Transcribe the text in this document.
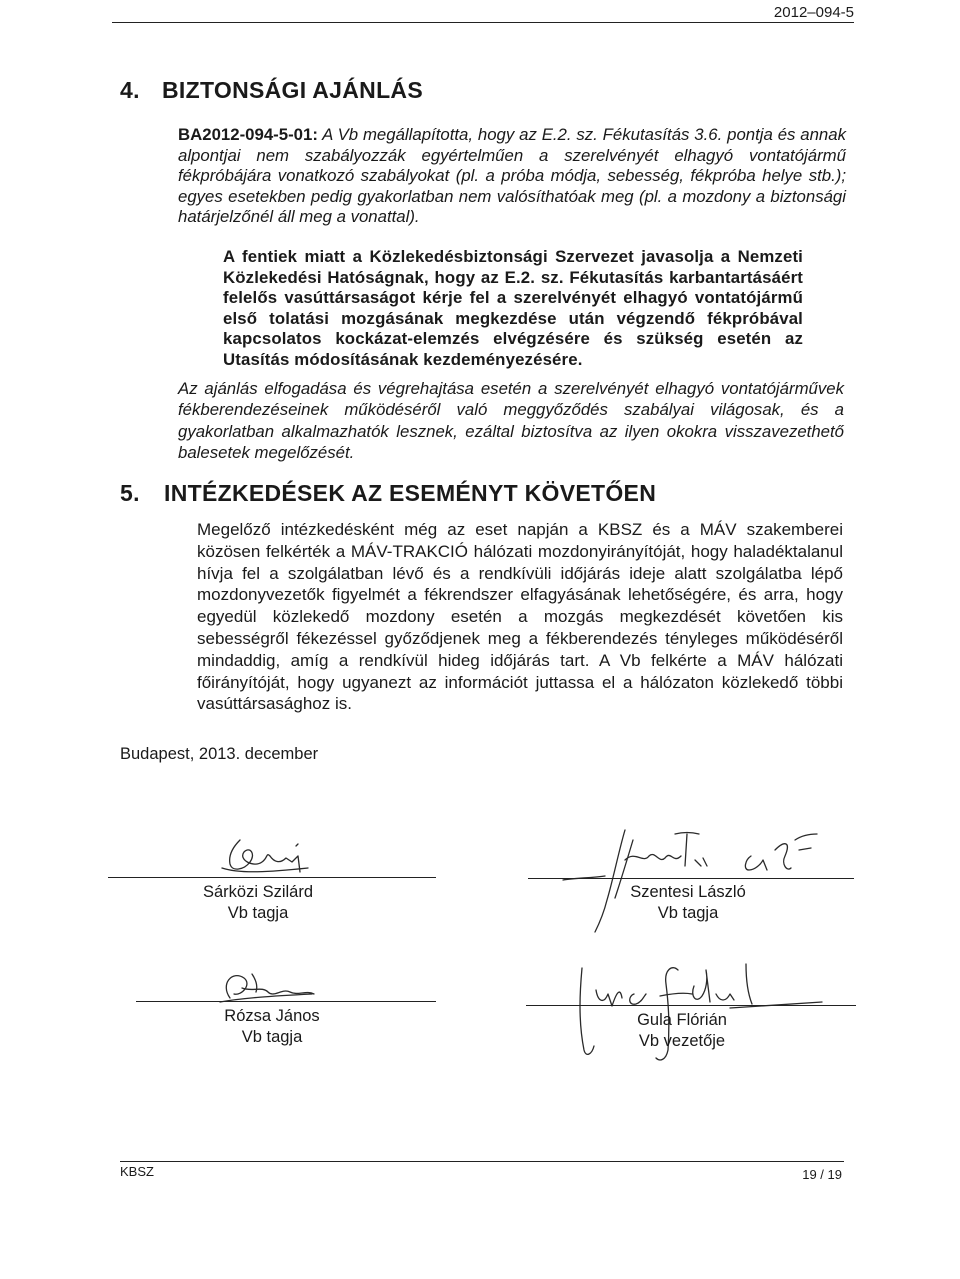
2012–094-5
4. BIZTONSÁGI AJÁNLÁS
BA2012-094-5-01: A Vb megállapította, hogy az E.2. sz. Fékutasítás 3.6. pontja és annak alpontjai nem szabályozzák egyértelműen a szerelvényét elhagyó vontatójármű fékpróbájára vonatkozó szabályokat (pl. a próba módja, sebesség, fékpróba helye stb.); egyes esetekben pedig gyakorlatban nem valósíthatóak meg (pl. a mozdony a biztonsági határjelzőnél áll meg a vonattal).
A fentiek miatt a Közlekedésbiztonsági Szervezet javasolja a Nemzeti Közlekedési Hatóságnak, hogy az E.2. sz. Fékutasítás karbantartásáért felelős vasúttársaságot kérje fel a szerelvényét elhagyó vontatójármű első tolatási mozgásának megkezdése után végzendő fékpróbával kapcsolatos kockázat-elemzés elvégzésére és szükség esetén az Utasítás módosításának kezdeményezésére.
Az ajánlás elfogadása és végrehajtása esetén a szerelvényét elhagyó vontatójárművek fékberendezéseinek működéséről való meggyőződés szabályai világosak, és a gyakorlatban alkalmazhatók lesznek, ezáltal biztosítva az ilyen okokra visszavezethető balesetek megelőzését.
5. INTÉZKEDÉSEK AZ ESEMÉNYT KÖVETŐEN
Megelőző intézkedésként még az eset napján a KBSZ és a MÁV szakemberei közösen felkérték a MÁV-TRAKCIÓ hálózati mozdonyirányítóját, hogy haladéktalanul hívja fel a szolgálatban lévő és a rendkívüli időjárás ideje alatt szolgálatba lépő mozdonyvezetők figyelmét a fékrendszer elfagyásának lehetőségére, és arra, hogy egyedül közlekedő mozdony esetén a mozgás megkezdését követően kis sebességről fékezéssel győződjenek meg a fékberendezés tényleges működéséről mindaddig, amíg a rendkívül hideg időjárás tart. A Vb felkérte a MÁV hálózati főirányítóját, hogy ugyanezt az információt juttassa el a hálózaton közlekedő többi vasúttársasághoz is.
Budapest, 2013. december
Sárközi Szilárd
Vb tagja
Szentesi László
Vb tagja
Rózsa János
Vb tagja
Gula Flórián
Vb vezetője
KBSZ	19 / 19
